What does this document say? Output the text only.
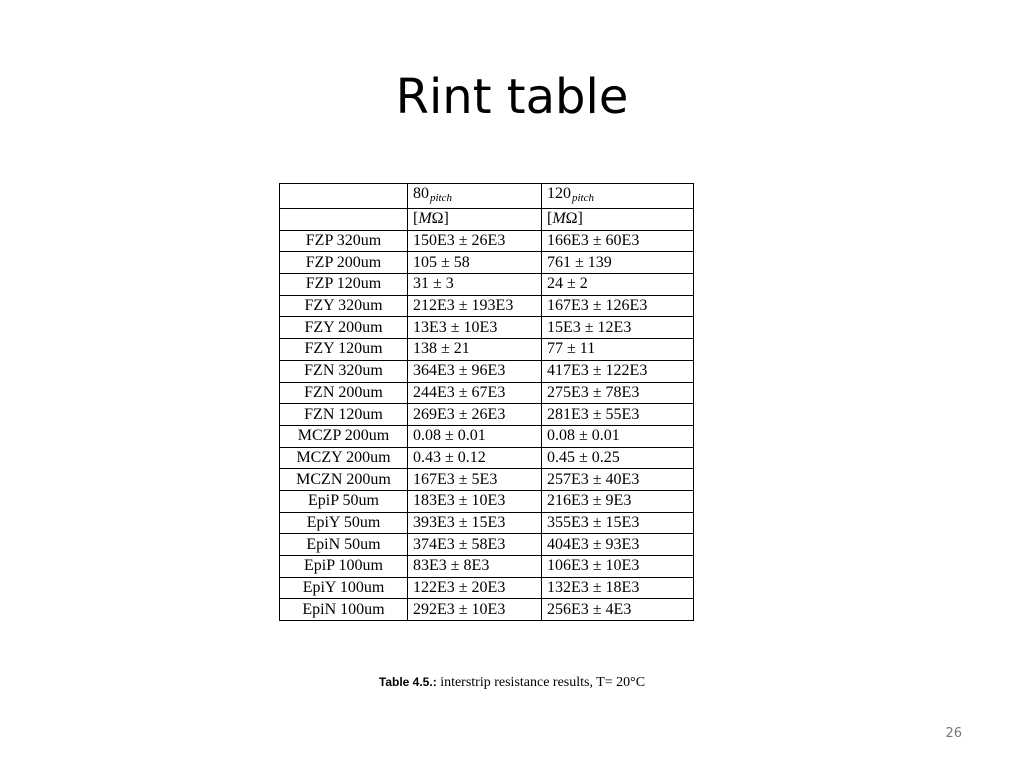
Rint table
	$80_{pitch}$	$120_{pitch}$
	[MΩ]	[MΩ]
FZP 320um	150E3 ± 26E3	166E3 ± 60E3
FZP 200um	105 ± 58	761 ± 139
FZP 120um	31 ± 3	24 ± 2
FZY 320um	212E3 ± 193E3	167E3 ± 126E3
FZY 200um	13E3 ± 10E3	15E3 ± 12E3
FZY 120um	138 ± 21	77 ± 11
FZN 320um	364E3 ± 96E3	417E3 ± 122E3
FZN 200um	244E3 ± 67E3	275E3 ± 78E3
FZN 120um	269E3 ± 26E3	281E3 ± 55E3
MCZP 200um	0.08 ± 0.01	0.08 ± 0.01
MCZY 200um	0.43 ± 0.12	0.45 ± 0.25
MCZN 200um	167E3 ± 5E3	257E3 ± 40E3
EpiP 50um	183E3 ± 10E3	216E3 ± 9E3
EpiY 50um	393E3 ± 15E3	355E3 ± 15E3
EpiN 50um	374E3 ± 58E3	404E3 ± 93E3
EpiP 100um	83E3 ± 8E3	106E3 ± 10E3
EpiY 100um	122E3 ± 20E3	132E3 ± 18E3
EpiN 100um	292E3 ± 10E3	256E3 ± 4E3
Table 4.5.: interstrip resistance results, T= 20°C
26
